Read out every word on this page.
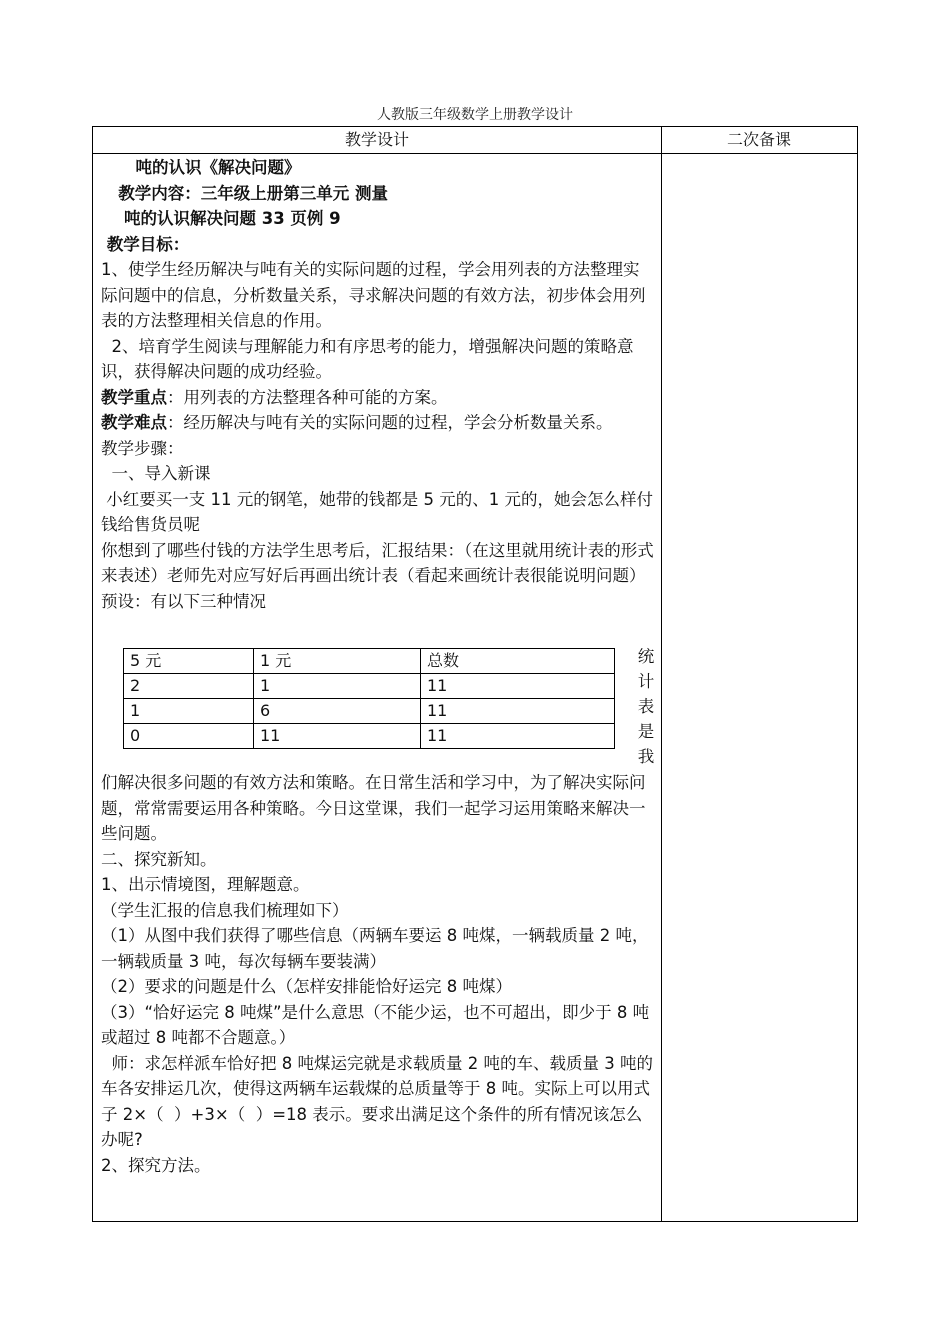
人教版三年级数学上册教学设计
教学设计	二次备课

吨的认识《解决问题》

教学内容：三年级上册第三单元 测量

吨的认识解决问题 33 页例 9

教学目标：

1、使学生经历解决与吨有关的实际问题的过程，学会用列表的方法整理实

际问题中的信息，分析数量关系，寻求解决问题的有效方法，初步体会用列表的方法整理相关信息的作用。

2、培育学生阅读与理解能力和有序思考的能力，增强解决问题的策略意识，获得解决问题的成功经验。

教学重点：用列表的方法整理各种可能的方案。

教学难点：经历解决与吨有关的实际问题的过程，学会分析数量关系。

教学步骤：

一、导入新课

小红要买一支 11 元的钢笔，她带的钱都是 5 元的、1 元的，她会怎么样付钱给售货员呢

你想到了哪些付钱的方法学生思考后，汇报结果：（在这里就用统计表的形式来表述）老师先对应写好后再画出统计表（看起来画统计表很能说明问题）

预设：有以下三种情况

5 元	1 元	总数
2	1	11
1	6	11
0	11	11
统
计
表
是
我

们解决很多问题的有效方法和策略。在日常生活和学习中，为了解决实际问题，常常需要运用各种策略。今日这堂课，我们一起学习运用策略来解决一些问题。

二、探究新知。

1、出示情境图，理解题意。

（学生汇报的信息我们梳理如下）

（1）从图中我们获得了哪些信息（两辆车要运 8 吨煤，一辆载质量 2 吨，一辆载质量 3 吨，每次每辆车要装满）

（2）要求的问题是什么（怎样安排能恰好运完 8 吨煤）

（3）“恰好运完 8 吨煤”是什么意思（不能少运，也不可超出，即少于 8 吨或超过 8 吨都不合题意。）

师：求怎样派车恰好把 8 吨煤运完就是求载质量 2 吨的车、载质量 3 吨的车各安排运几次，使得这两辆车运载煤的总质量等于 8 吨。实际上可以用式子 2×（  ）+3×（  ）=18 表示。要求出满足这个条件的所有情况该怎么办呢?

2、探究方法。
